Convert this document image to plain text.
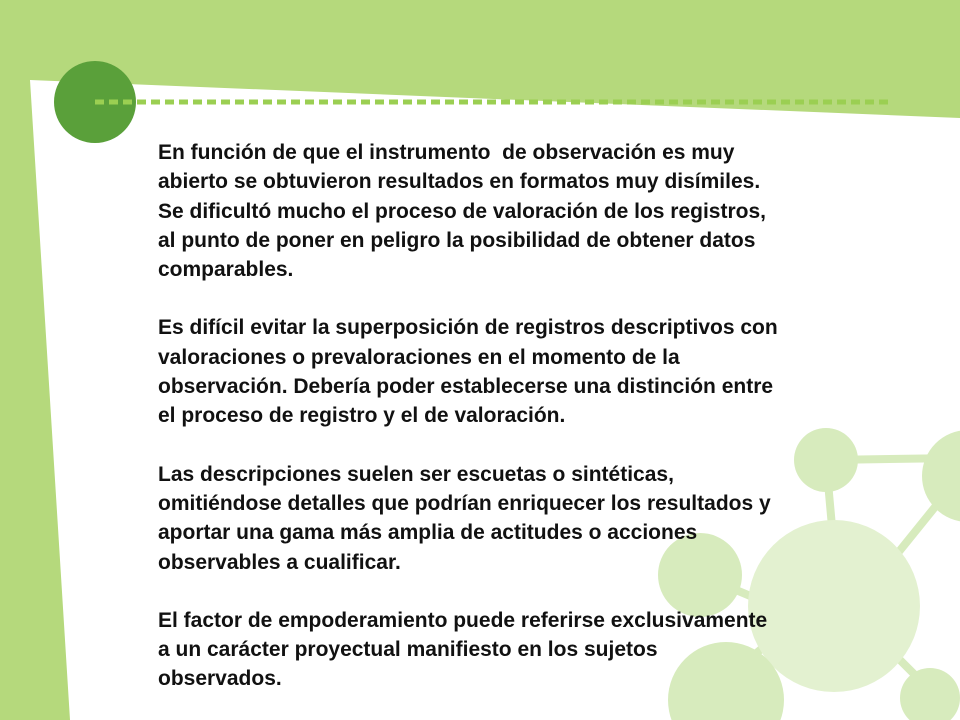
En función de que el instrumento  de observación es muy
abierto se obtuvieron resultados en formatos muy disímiles.
Se dificultó mucho el proceso de valoración de los registros,
al punto de poner en peligro la posibilidad de obtener datos
comparables.

Es difícil evitar la superposición de registros descriptivos con
valoraciones o prevaloraciones en el momento de la
observación. Debería poder establecerse una distinción entre
el proceso de registro y el de valoración.

Las descripciones suelen ser escuetas o sintéticas,
omitiéndose detalles que podrían enriquecer los resultados y
aportar una gama más amplia de actitudes o acciones
observables a cualificar.

El factor de empoderamiento puede referirse exclusivamente
a un carácter proyectual manifiesto en los sujetos
observados.
